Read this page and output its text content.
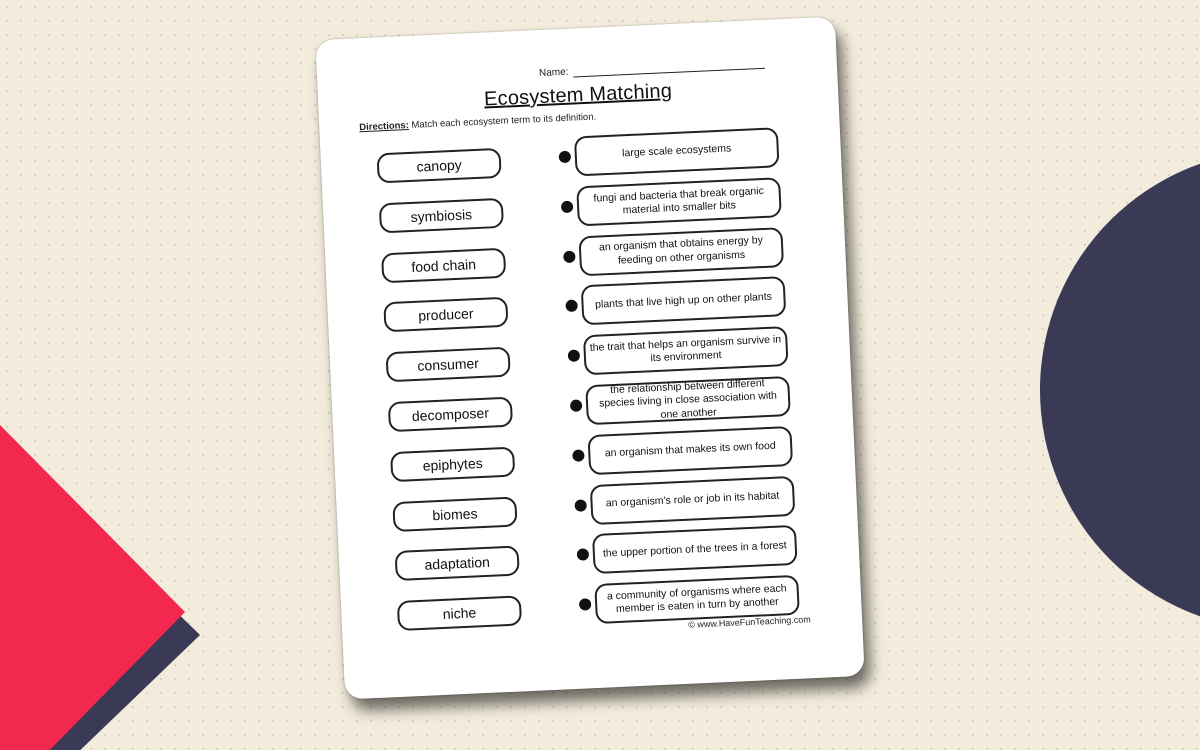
Name:
Ecosystem Matching
Directions: Match each ecosystem term to its definition.
canopy
symbiosis
food chain
producer
consumer
decomposer
epiphytes
biomes
adaptation
niche
large scale ecosystems
fungi and bacteria that break organic material into smaller bits
an organism that obtains energy by feeding on other organisms
plants that live high up on other plants
the trait that helps an organism survive in its environment
the relationship between different species living in close association with one another
an organism that makes its own food
an organism's role or job in its habitat
the upper portion of the trees in a forest
a community of organisms where each member is eaten in turn by another
© www.HaveFunTeaching.com
